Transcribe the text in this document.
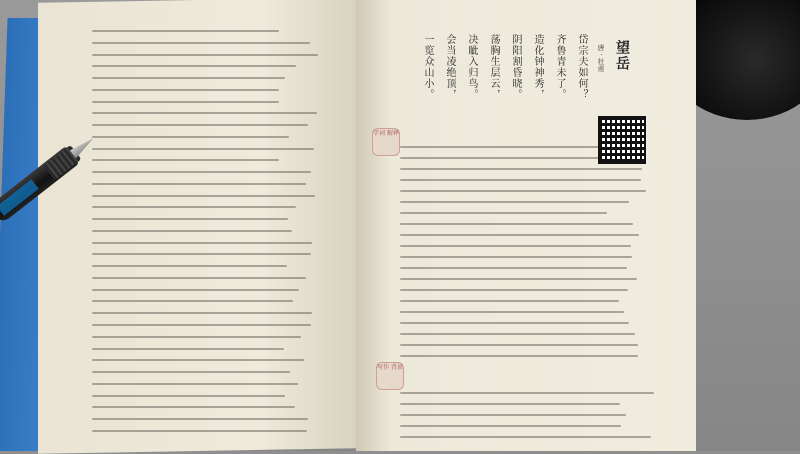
望岳
唐 · 杜甫
岱宗夫如何？
齐鲁青未了。
造化钟神秀，
阴阳割昏晓。
荡胸生层云，
决眦入归鸟。
会当凌绝顶，
一览众山小。
字词 解释
写作 背景
